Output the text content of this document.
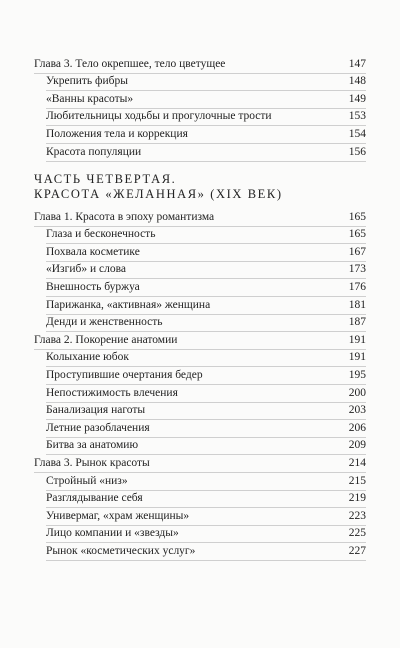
Глава 3. Тело окрепшее, тело цветущее	147
Укрепить фибры	148
«Ванны красоты»	149
Любительницы ходьбы и прогулочные трости	153
Положения тела и коррекция	154
Красота популяции	156
ЧАСТЬ ЧЕТВЕРТАЯ.
КРАСОТА «ЖЕЛАННАЯ» (XIX ВЕК)
Глава 1. Красота в эпоху романтизма	165
Глаза и бесконечность	165
Похвала косметике	167
«Изгиб» и слова	173
Внешность буржуа	176
Парижанка, «активная» женщина	181
Денди и женственность	187
Глава 2. Покорение анатомии	191
Колыхание юбок	191
Проступившие очертания бедер	195
Непостижимость влечения	200
Банализация наготы	203
Летние разоблачения	206
Битва за анатомию	209
Глава 3. Рынок красоты	214
Стройный «низ»	215
Разглядывание себя	219
Универмаг, «храм женщины»	223
Лицо компании и «звезды»	225
Рынок «косметических услуг»	227
